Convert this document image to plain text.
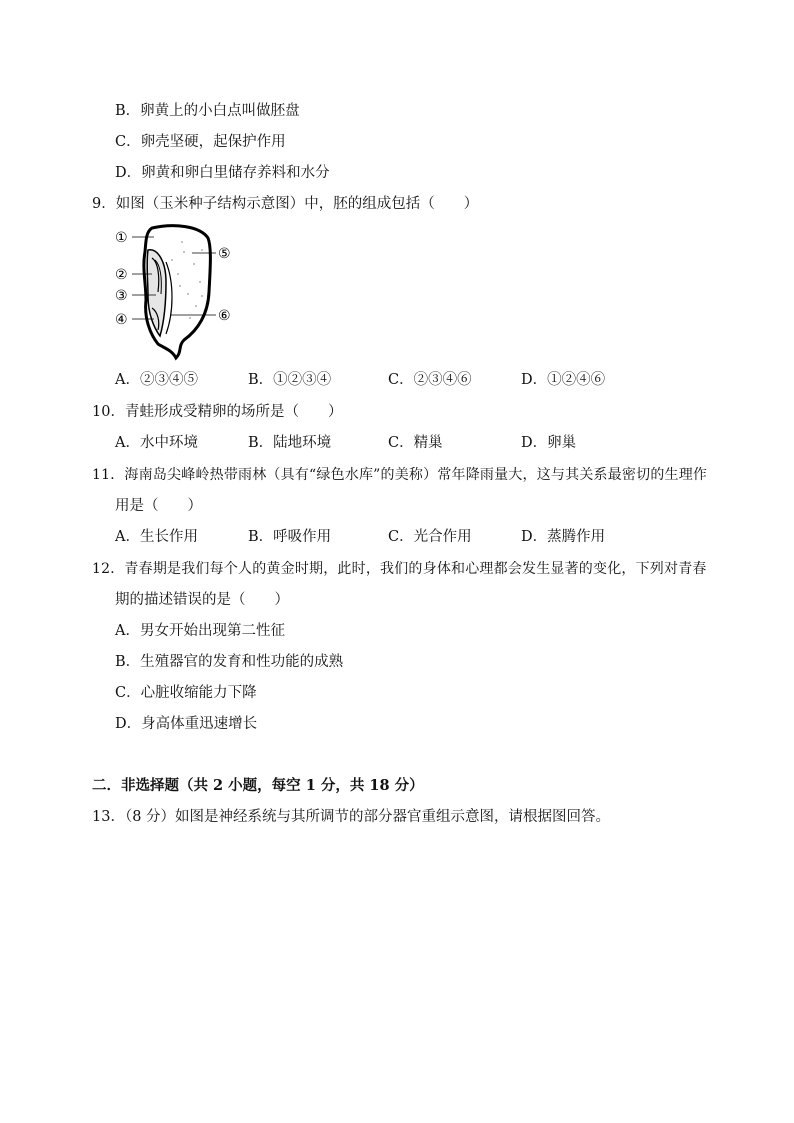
B．卵黄上的小白点叫做胚盘
C．卵壳坚硬，起保护作用
D．卵黄和卵白里储存养料和水分
9．如图（玉米种子结构示意图）中，胚的组成包括（　　）
①
②
③
④
⑤
⑥
A．②③④⑤	B．①②③④	C．②③④⑥	D．①②④⑥
10．青蛙形成受精卵的场所是（　　）
A．水中环境	B．陆地环境	C．精巢	D．卵巢
11．海南岛尖峰岭热带雨林（具有“绿色水库”的美称）常年降雨量大，这与其关系最密切的生理作
用是（　　）
A．生长作用	B．呼吸作用	C．光合作用	D．蒸腾作用
12．青春期是我们每个人的黄金时期，此时，我们的身体和心理都会发生显著的变化，下列对青春
期的描述错误的是（　　）
A．男女开始出现第二性征
B．生殖器官的发育和性功能的成熟
C．心脏收缩能力下降
D．身高体重迅速增长
二．非选择题（共 2 小题，每空 1 分，共 18 分）
13．（8 分）如图是神经系统与其所调节的部分器官重组示意图，请根据图回答。
